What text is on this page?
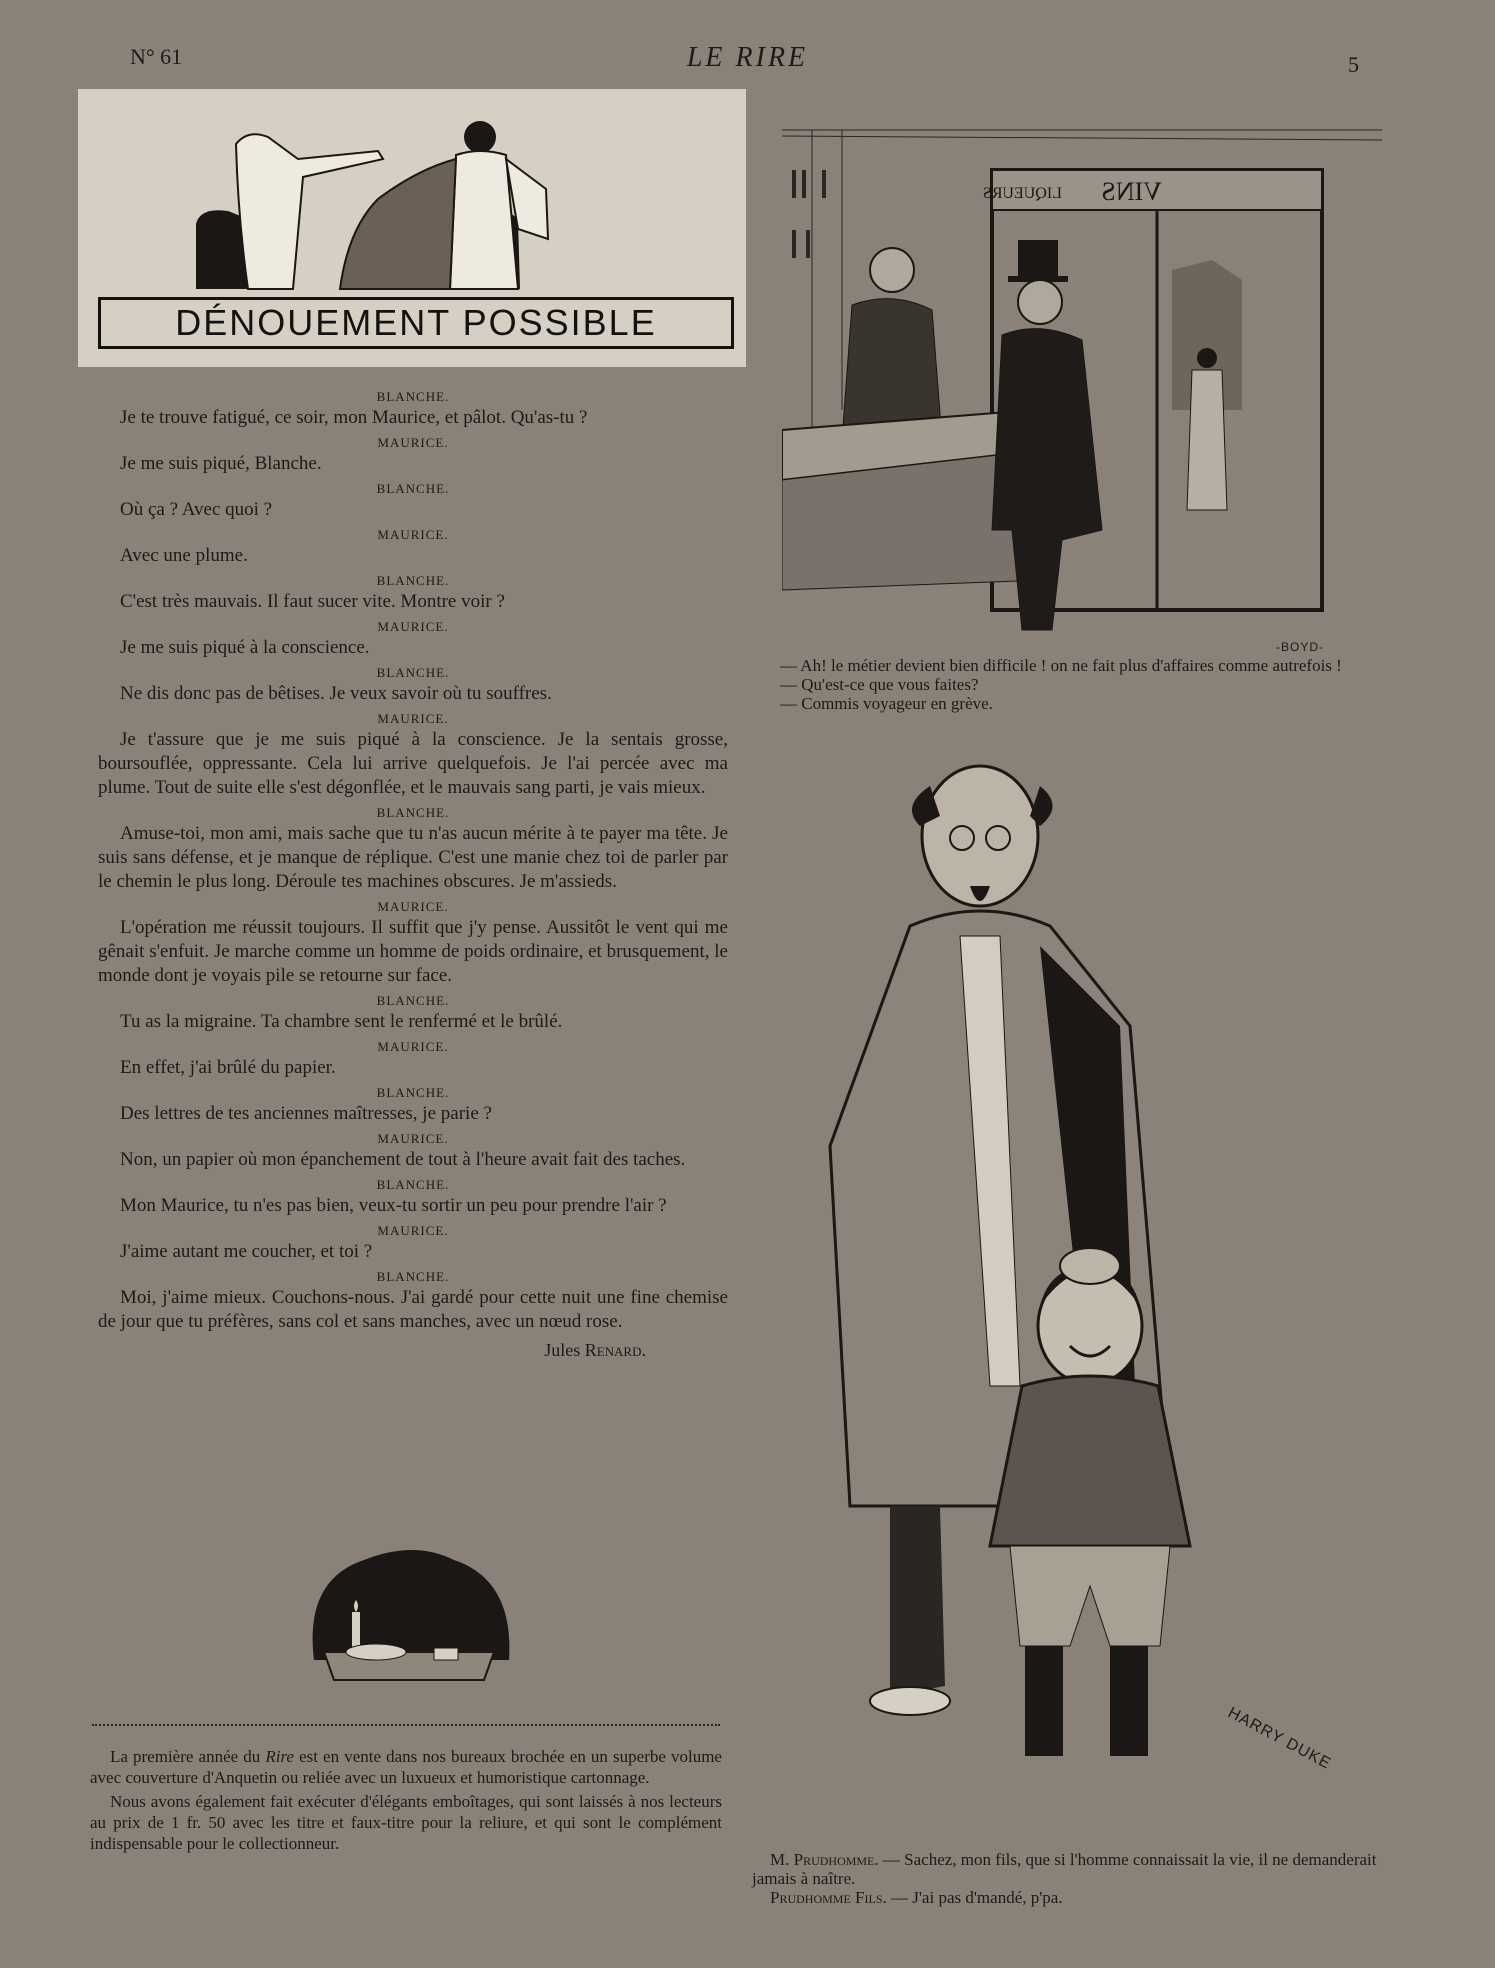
N° 61	LE RIRE	5
DÉNOUEMENT POSSIBLE
BLANCHE.

Je te trouve fatigué, ce soir, mon Maurice, et pâlot. Qu'as-tu ?

MAURICE.

Je me suis piqué, Blanche.

BLANCHE.

Où ça ? Avec quoi ?

MAURICE.

Avec une plume.

BLANCHE.

C'est très mauvais. Il faut sucer vite. Montre voir ?

MAURICE.

Je me suis piqué à la conscience.

BLANCHE.

Ne dis donc pas de bêtises. Je veux savoir où tu souffres.

MAURICE.

Je t'assure que je me suis piqué à la conscience. Je la sentais grosse, boursouflée, oppressante. Cela lui arrive quelquefois. Je l'ai percée avec ma plume. Tout de suite elle s'est dégonflée, et le mauvais sang parti, je vais mieux.

BLANCHE.

Amuse-toi, mon ami, mais sache que tu n'as aucun mérite à te payer ma tête. Je suis sans défense, et je manque de réplique. C'est une manie chez toi de parler par le chemin le plus long. Déroule tes machines obscures. Je m'assieds.

MAURICE.

L'opération me réussit toujours. Il suffit que j'y pense. Aussitôt le vent qui me gênait s'enfuit. Je marche comme un homme de poids ordinaire, et brusquement, le monde dont je voyais pile se retourne sur face.

BLANCHE.

Tu as la migraine. Ta chambre sent le renfermé et le brûlé.

MAURICE.

En effet, j'ai brûlé du papier.

BLANCHE.

Des lettres de tes anciennes maîtresses, je parie ?

MAURICE.

Non, un papier où mon épanchement de tout à l'heure avait fait des taches.

BLANCHE.

Mon Maurice, tu n'es pas bien, veux-tu sortir un peu pour prendre l'air ?

MAURICE.

J'aime autant me coucher, et toi ?

BLANCHE.

Moi, j'aime mieux. Couchons-nous. J'ai gardé pour cette nuit une fine chemise de jour que tu préfères, sans col et sans manches, avec un nœud rose.

Jules Renard.

La première année du Rire est en vente dans nos bureaux brochée en un superbe volume avec couverture d'Anquetin ou reliée avec un luxueux et humoristique cartonnage.

Nous avons également fait exécuter d'élégants emboîtages, qui sont laissés à nos lecteurs au prix de 1 fr. 50 avec les titre et faux-titre pour la reliure, et qui sont le complément indispensable pour le collectionneur.

VINS
LIQUEURS
-BOYD-

— Ah! le métier devient bien difficile ! on ne fait plus d'affaires comme autrefois !

— Qu'est-ce que vous faites?

— Commis voyageur en grève.

HARRY DUKE

M. Prudhomme. — Sachez, mon fils, que si l'homme connaissait la vie, il ne demanderait jamais à naître.

Prudhomme Fils. — J'ai pas d'mandé, p'pa.
